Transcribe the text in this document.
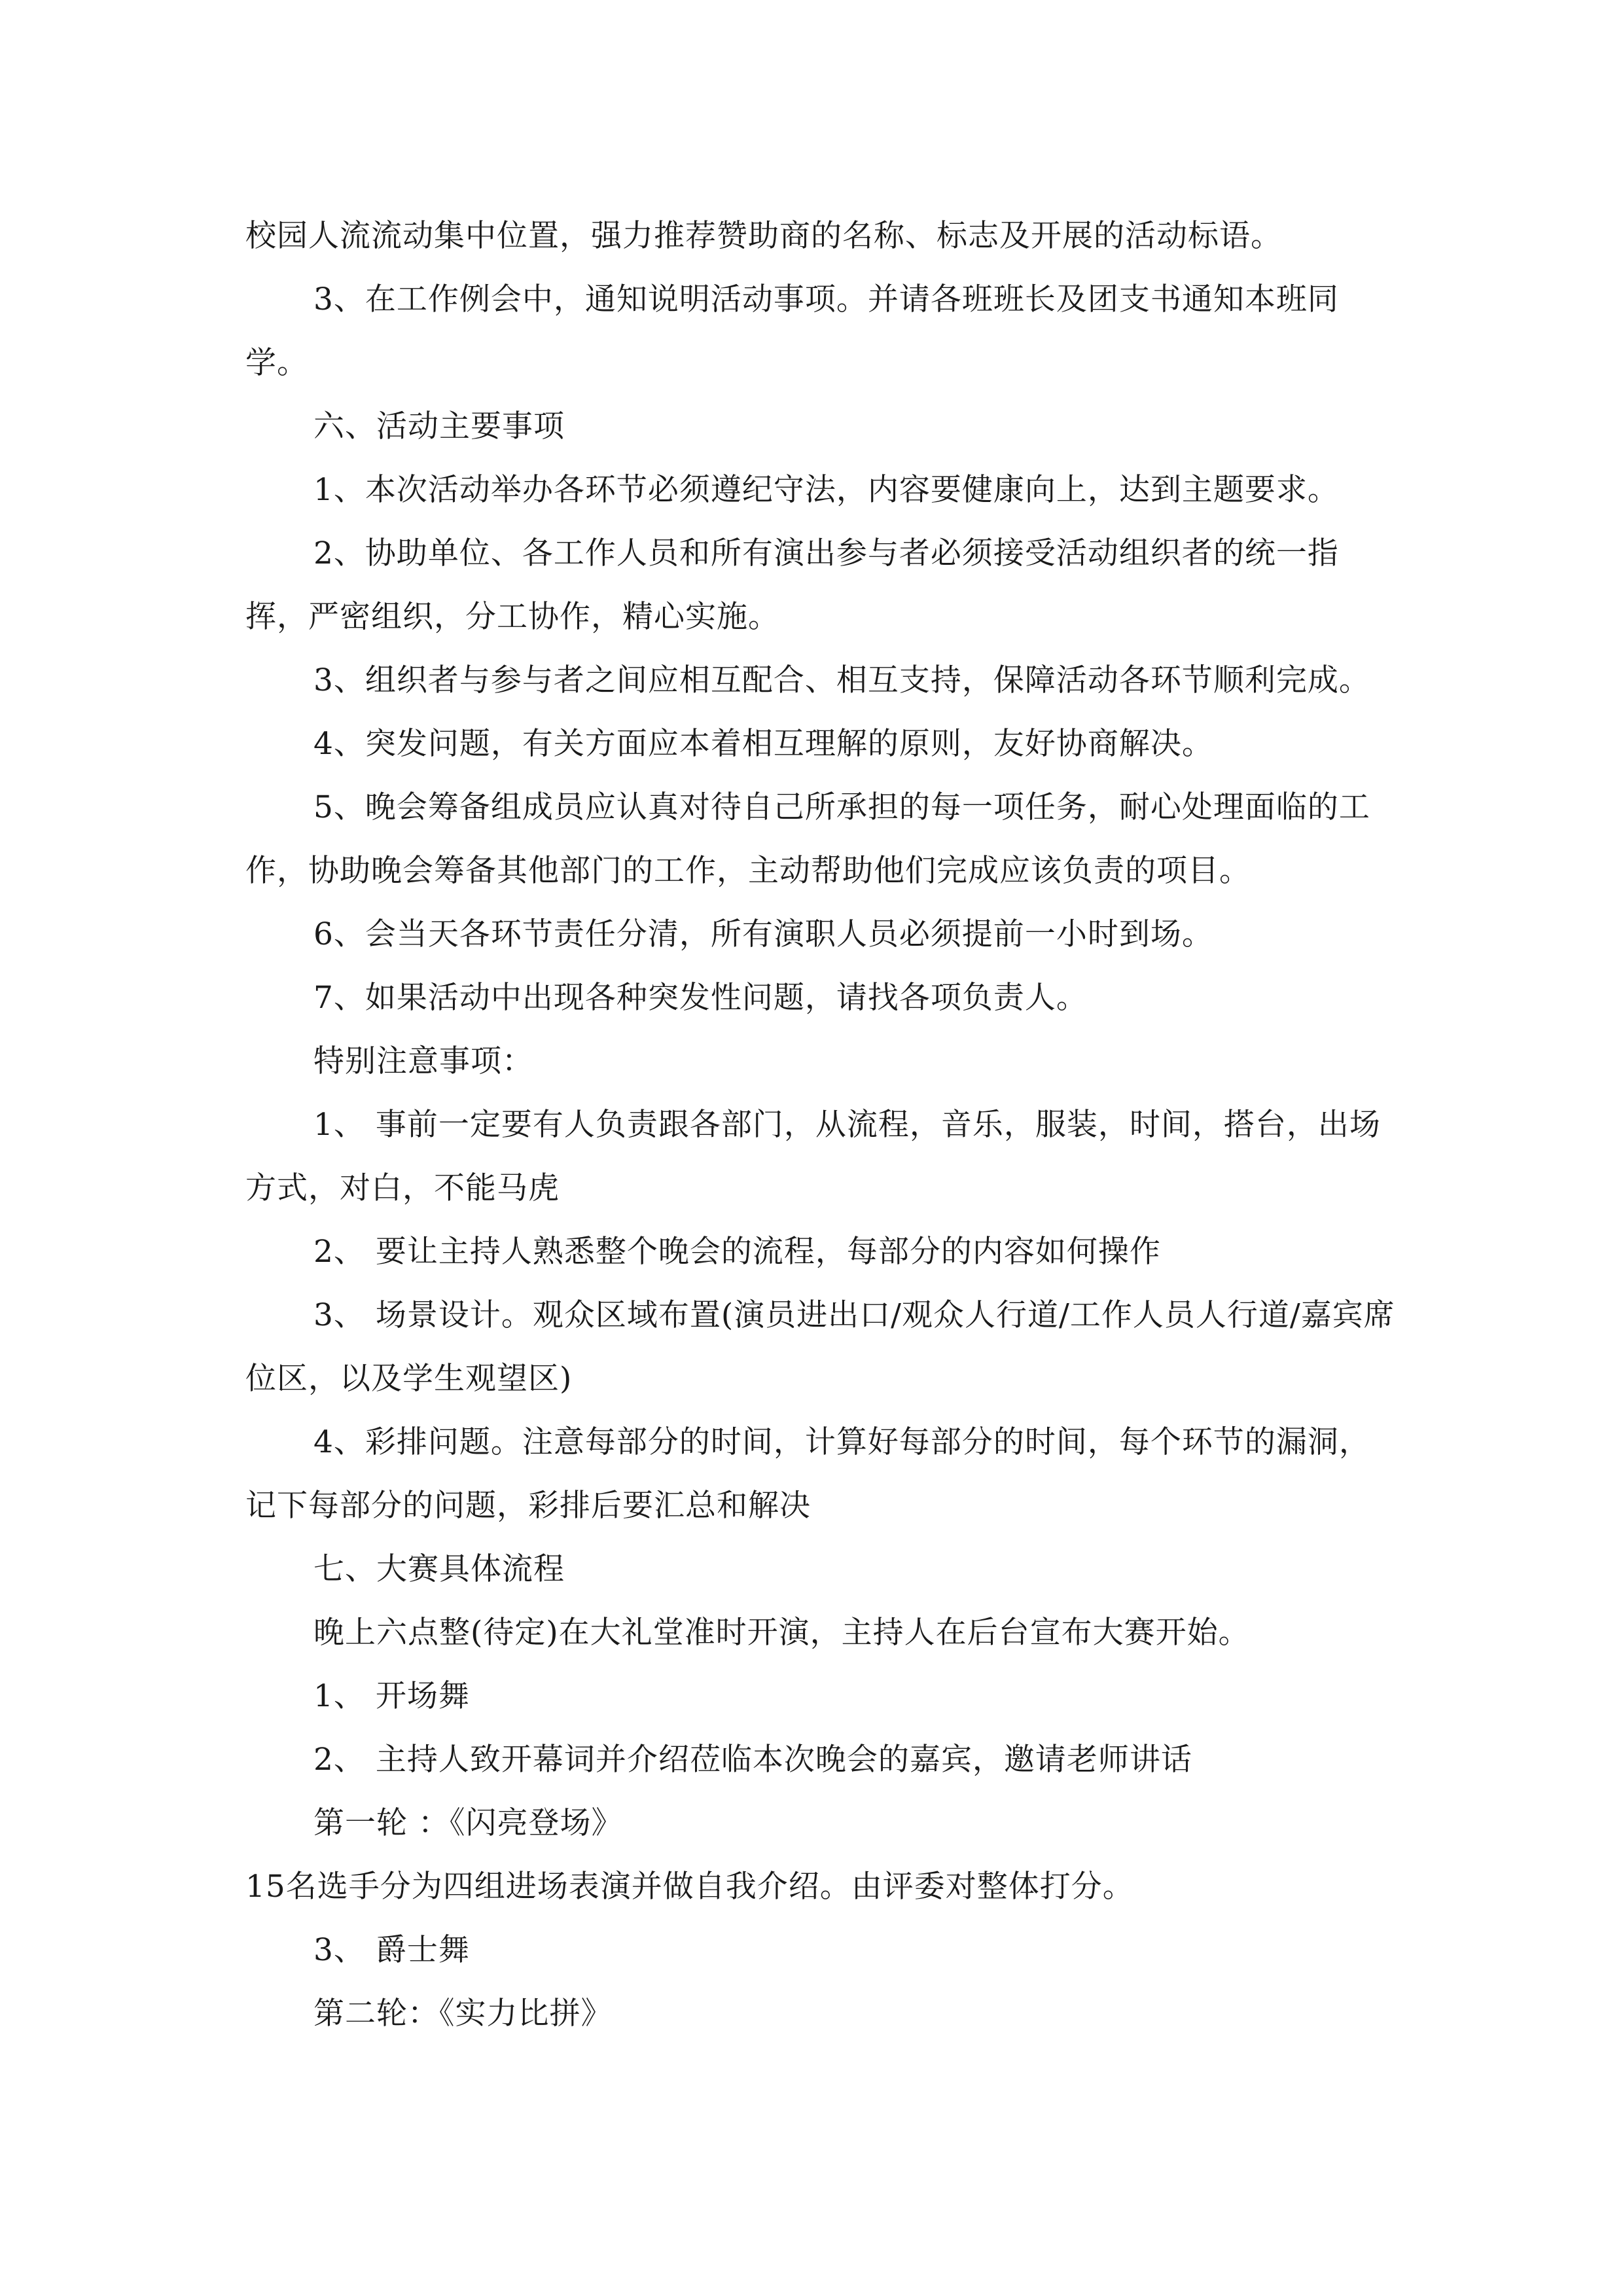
校园人流流动集中位置，强力推荐赞助商的名称、标志及开展的活动标语。

3、在工作例会中，通知说明活动事项。并请各班班长及团支书通知本班同学。

六、活动主要事项

1、本次活动举办各环节必须遵纪守法，内容要健康向上，达到主题要求。

2、协助单位、各工作人员和所有演出参与者必须接受活动组织者的统一指挥，严密组织，分工协作，精心实施。

3、组织者与参与者之间应相互配合、相互支持，保障活动各环节顺利完成。

4、突发问题，有关方面应本着相互理解的原则，友好协商解决。

5、晚会筹备组成员应认真对待自己所承担的每一项任务，耐心处理面临的工作，协助晚会筹备其他部门的工作，主动帮助他们完成应该负责的项目。

6、会当天各环节责任分清，所有演职人员必须提前一小时到场。

7、如果活动中出现各种突发性问题，请找各项负责人。

特别注意事项：

1、 事前一定要有人负责跟各部门，从流程，音乐，服装，时间，搭台，出场方式，对白，不能马虎

2、 要让主持人熟悉整个晚会的流程，每部分的内容如何操作

3、 场景设计。观众区域布置(演员进出口/观众人行道/工作人员人行道/嘉宾席位区，以及学生观望区)

4、彩排问题。注意每部分的时间，计算好每部分的时间，每个环节的漏洞，记下每部分的问题，彩排后要汇总和解决

七、大赛具体流程

晚上六点整(待定)在大礼堂准时开演，主持人在后台宣布大赛开始。

1、 开场舞

2、 主持人致开幕词并介绍莅临本次晚会的嘉宾，邀请老师讲话

第一轮 ：《闪亮登场》

15名选手分为四组进场表演并做自我介绍。由评委对整体打分。

3、 爵士舞

第二轮：《实力比拼》
